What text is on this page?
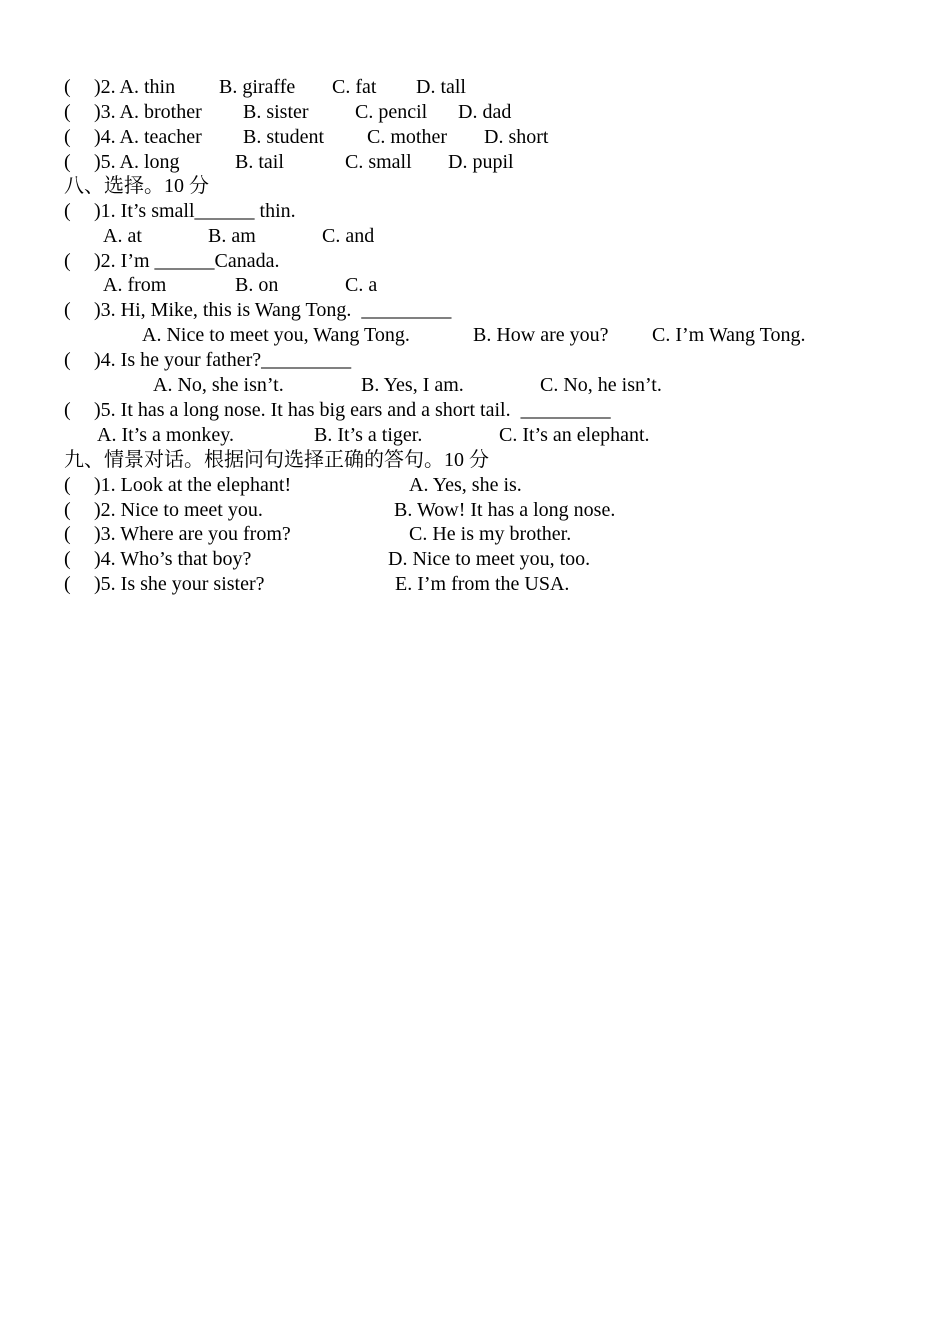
(

)2. A. thin

B. giraffe

C. fat

D. tall

(

)3. A. brother

B. sister

C. pencil

D. dad

(

)4. A. teacher

B. student

C. mother

D. short

(

)5. A. long

	B. tail

	C. small

D. pupil

八、选择。10 分

(

)1. It’s small______ thin.

A. at

	B. am

	C. and

(

)2. I’m ______Canada.

A. from

	B. on

	C. a

(

)3. Hi, Mike, this is Wang Tong.  _________

A. Nice to meet you, Wang Tong.

	B. How are you?

C. I’m Wang Tong.

(

)4. Is he your father?_________

A. No, she isn’t.

	B. Yes, I am.

	C. No, he isn’t.

(

)5. It has a long nose. It has big ears and a short tail.  _________

A. It’s a monkey.

	B. It’s a tiger.

	C. It’s an elephant.

九、情景对话。根据问句选择正确的答句。10 分

(

)1. Look at the elephant!

	A. Yes, she is.

(

)2. Nice to meet you.

	B. Wow! It has a long nose.

(

)3. Where are you from?

	C. He is my brother.

(

)4. Who’s that boy?

	D. Nice to meet you, too.

(

)5. Is she your sister?

	E. I’m from the USA.
